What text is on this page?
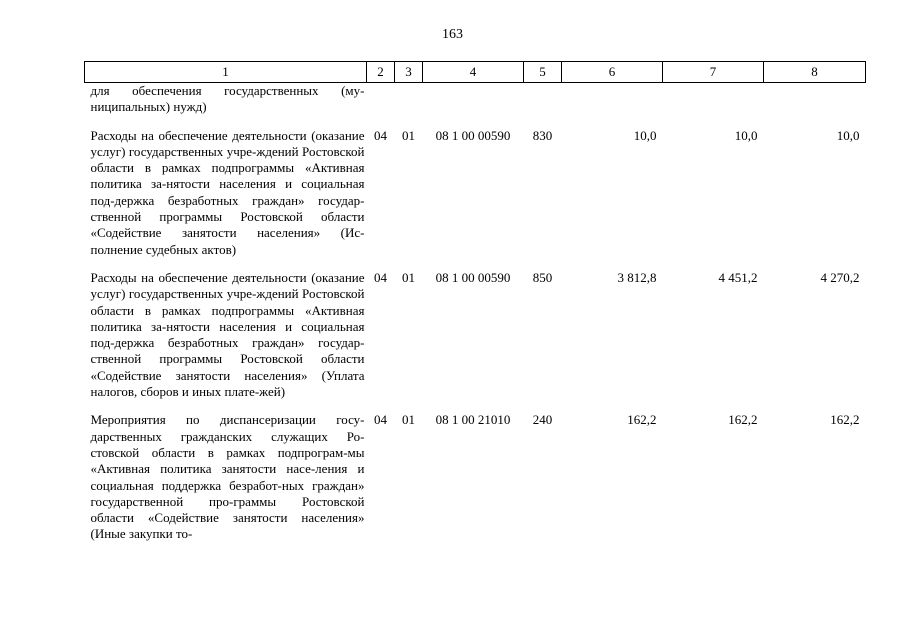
163
1	2	3	4	5	6	7	8
для обеспечения государственных (му-ниципальных) нужд)							
Расходы на обеспечение деятельности (оказание услуг) государственных учре-ждений Ростовской области в рамках подпрограммы «Активная политика за-нятости населения и социальная под-держка безработных граждан» государ-ственной программы Ростовской области «Содействие занятости населения» (Ис-полнение судебных актов)	04	01	08 1 00 00590	830	10,0	10,0	10,0
Расходы на обеспечение деятельности (оказание услуг) государственных учре-ждений Ростовской области в рамках подпрограммы «Активная политика за-нятости населения и социальная под-держка безработных граждан» государ-ственной программы Ростовской области «Содействие занятости населения» (Уплата налогов, сборов и иных плате-жей)	04	01	08 1 00 00590	850	3 812,8	4 451,2	4 270,2
Мероприятия по диспансеризации госу-дарственных гражданских служащих Ро-стовской области в рамках подпрограм-мы «Активная политика занятости насе-ления и социальная поддержка безработ-ных граждан» государственной про-граммы Ростовской области «Содействие занятости населения» (Иные закупки то-	04	01	08 1 00 21010	240	162,2	162,2	162,2
